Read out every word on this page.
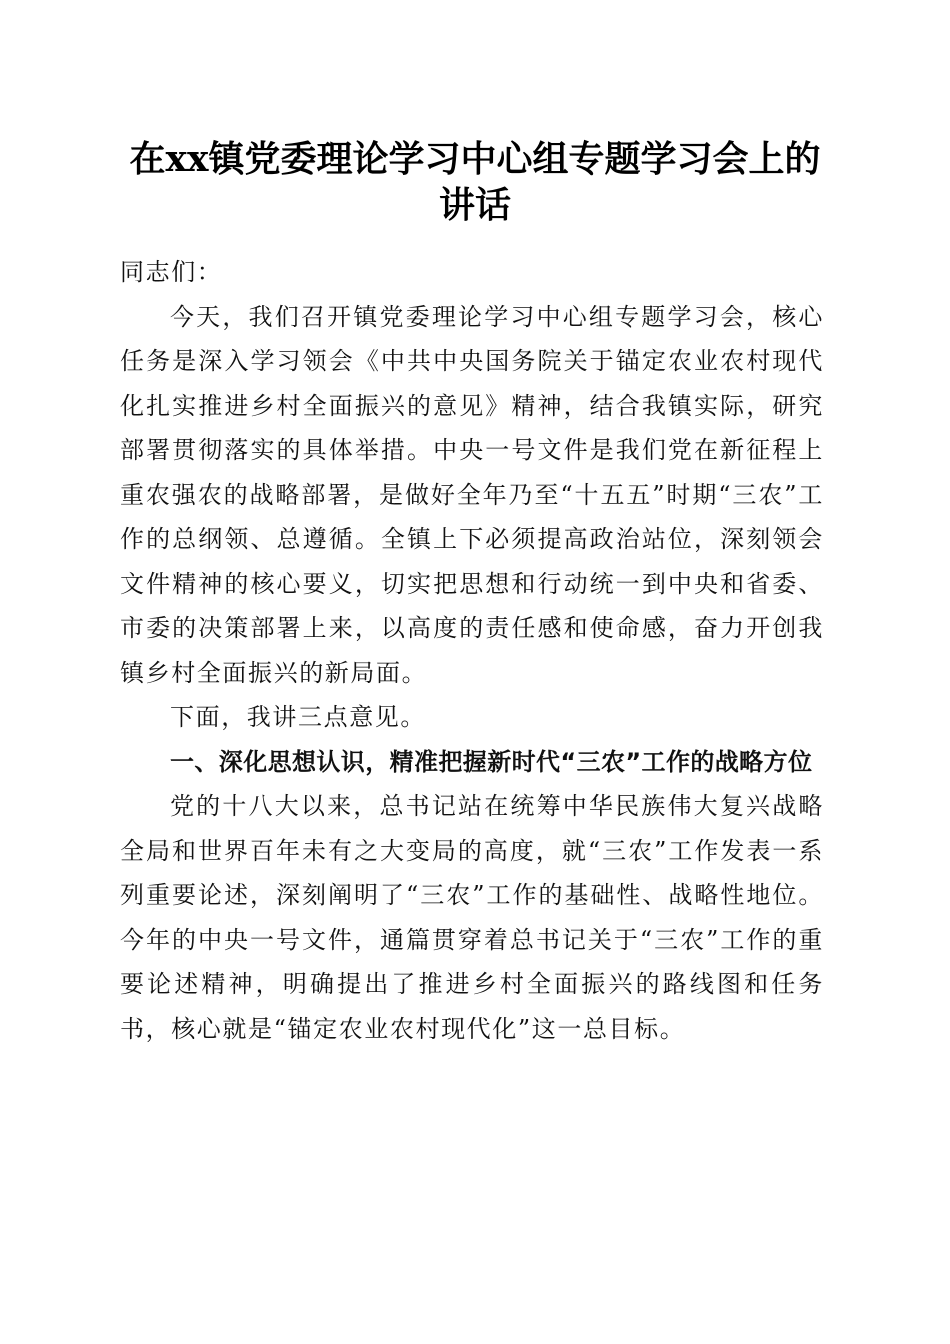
在xx镇党委理论学习中心组专题学习会上的
讲话

同志们：

今天，我们召开镇党委理论学习中心组专题学习会，核心任务是深入学习领会《中共中央国务院关于锚定农业农村现代化扎实推进乡村全面振兴的意见》精神，结合我镇实际，研究部署贯彻落实的具体举措。中央一号文件是我们党在新征程上重农强农的战略部署，是做好全年乃至“十五五”时期“三农”工作的总纲领、总遵循。全镇上下必须提高政治站位，深刻领会文件精神的核心要义，切实把思想和行动统一到中央和省委、市委的决策部署上来，以高度的责任感和使命感，奋力开创我镇乡村全面振兴的新局面。

下面，我讲三点意见。

一、深化思想认识，精准把握新时代“三农”工作的战略方位

党的十八大以来，总书记站在统筹中华民族伟大复兴战略全局和世界百年未有之大变局的高度，就“三农”工作发表一系列重要论述，深刻阐明了“三农”工作的基础性、战略性地位。今年的中央一号文件，通篇贯穿着总书记关于“三农”工作的重要论述精神，明确提出了推进乡村全面振兴的路线图和任务书，核心就是“锚定农业农村现代化”这一总目标。
